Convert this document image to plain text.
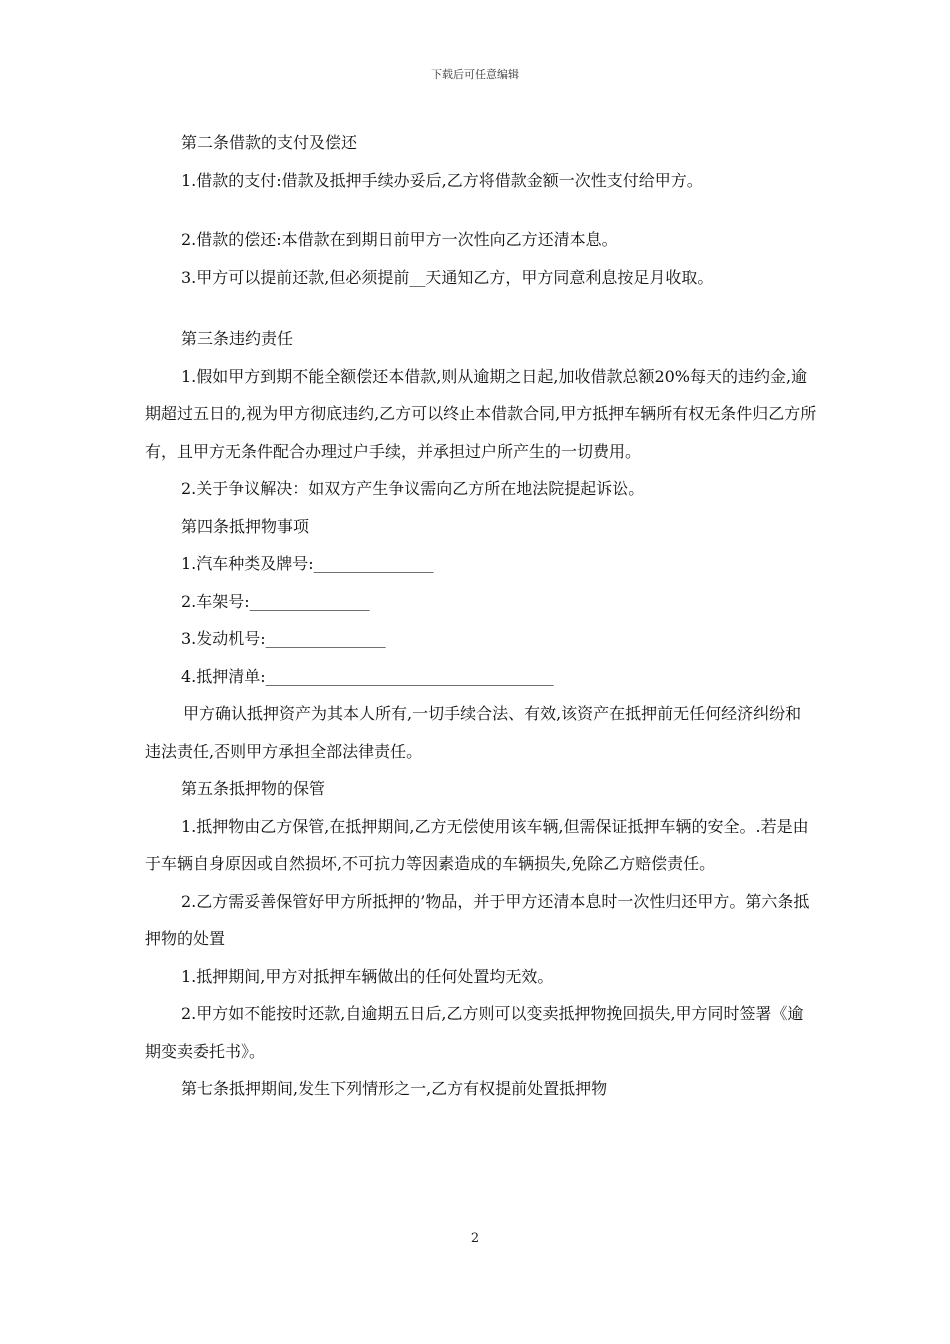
下载后可任意编辑

第二条借款的支付及偿还

1.借款的支付:借款及抵押手续办妥后,乙方将借款金额一次性支付给甲方。

2.借款的偿还:本借款在到期日前甲方一次性向乙方还清本息。

3.甲方可以提前还款,但必须提前__天通知乙方，甲方同意利息按足月收取。

第三条违约责任

1.假如甲方到期不能全额偿还本借款,则从逾期之日起,加收借款总额20%每天的违约金,逾期超过五日的,视为甲方彻底违约,乙方可以终止本借款合同,甲方抵押车辆所有权无条件归乙方所有，且甲方无条件配合办理过户手续，并承担过户所产生的一切费用。

2.关于争议解决：如双方产生争议需向乙方所在地法院提起诉讼。

第四条抵押物事项

1.汽车种类及牌号:_______________

2.车架号:_______________

3.发动机号:_______________

4.抵押清单:____________________________________

甲方确认抵押资产为其本人所有,一切手续合法、有效,该资产在抵押前无任何经济纠纷和违法责任,否则甲方承担全部法律责任。

第五条抵押物的保管

1.抵押物由乙方保管,在抵押期间,乙方无偿使用该车辆,但需保证抵押车辆的安全。.若是由于车辆自身原因或自然损坏,不可抗力等因素造成的车辆损失,免除乙方赔偿责任。

2.乙方需妥善保管好甲方所抵押的’物品，并于甲方还清本息时一次性归还甲方。第六条抵押物的处置

1.抵押期间,甲方对抵押车辆做出的任何处置均无效。

2.甲方如不能按时还款,自逾期五日后,乙方则可以变卖抵押物挽回损失,甲方同时签署《逾期变卖委托书》。

第七条抵押期间,发生下列情形之一,乙方有权提前处置抵押物

2
